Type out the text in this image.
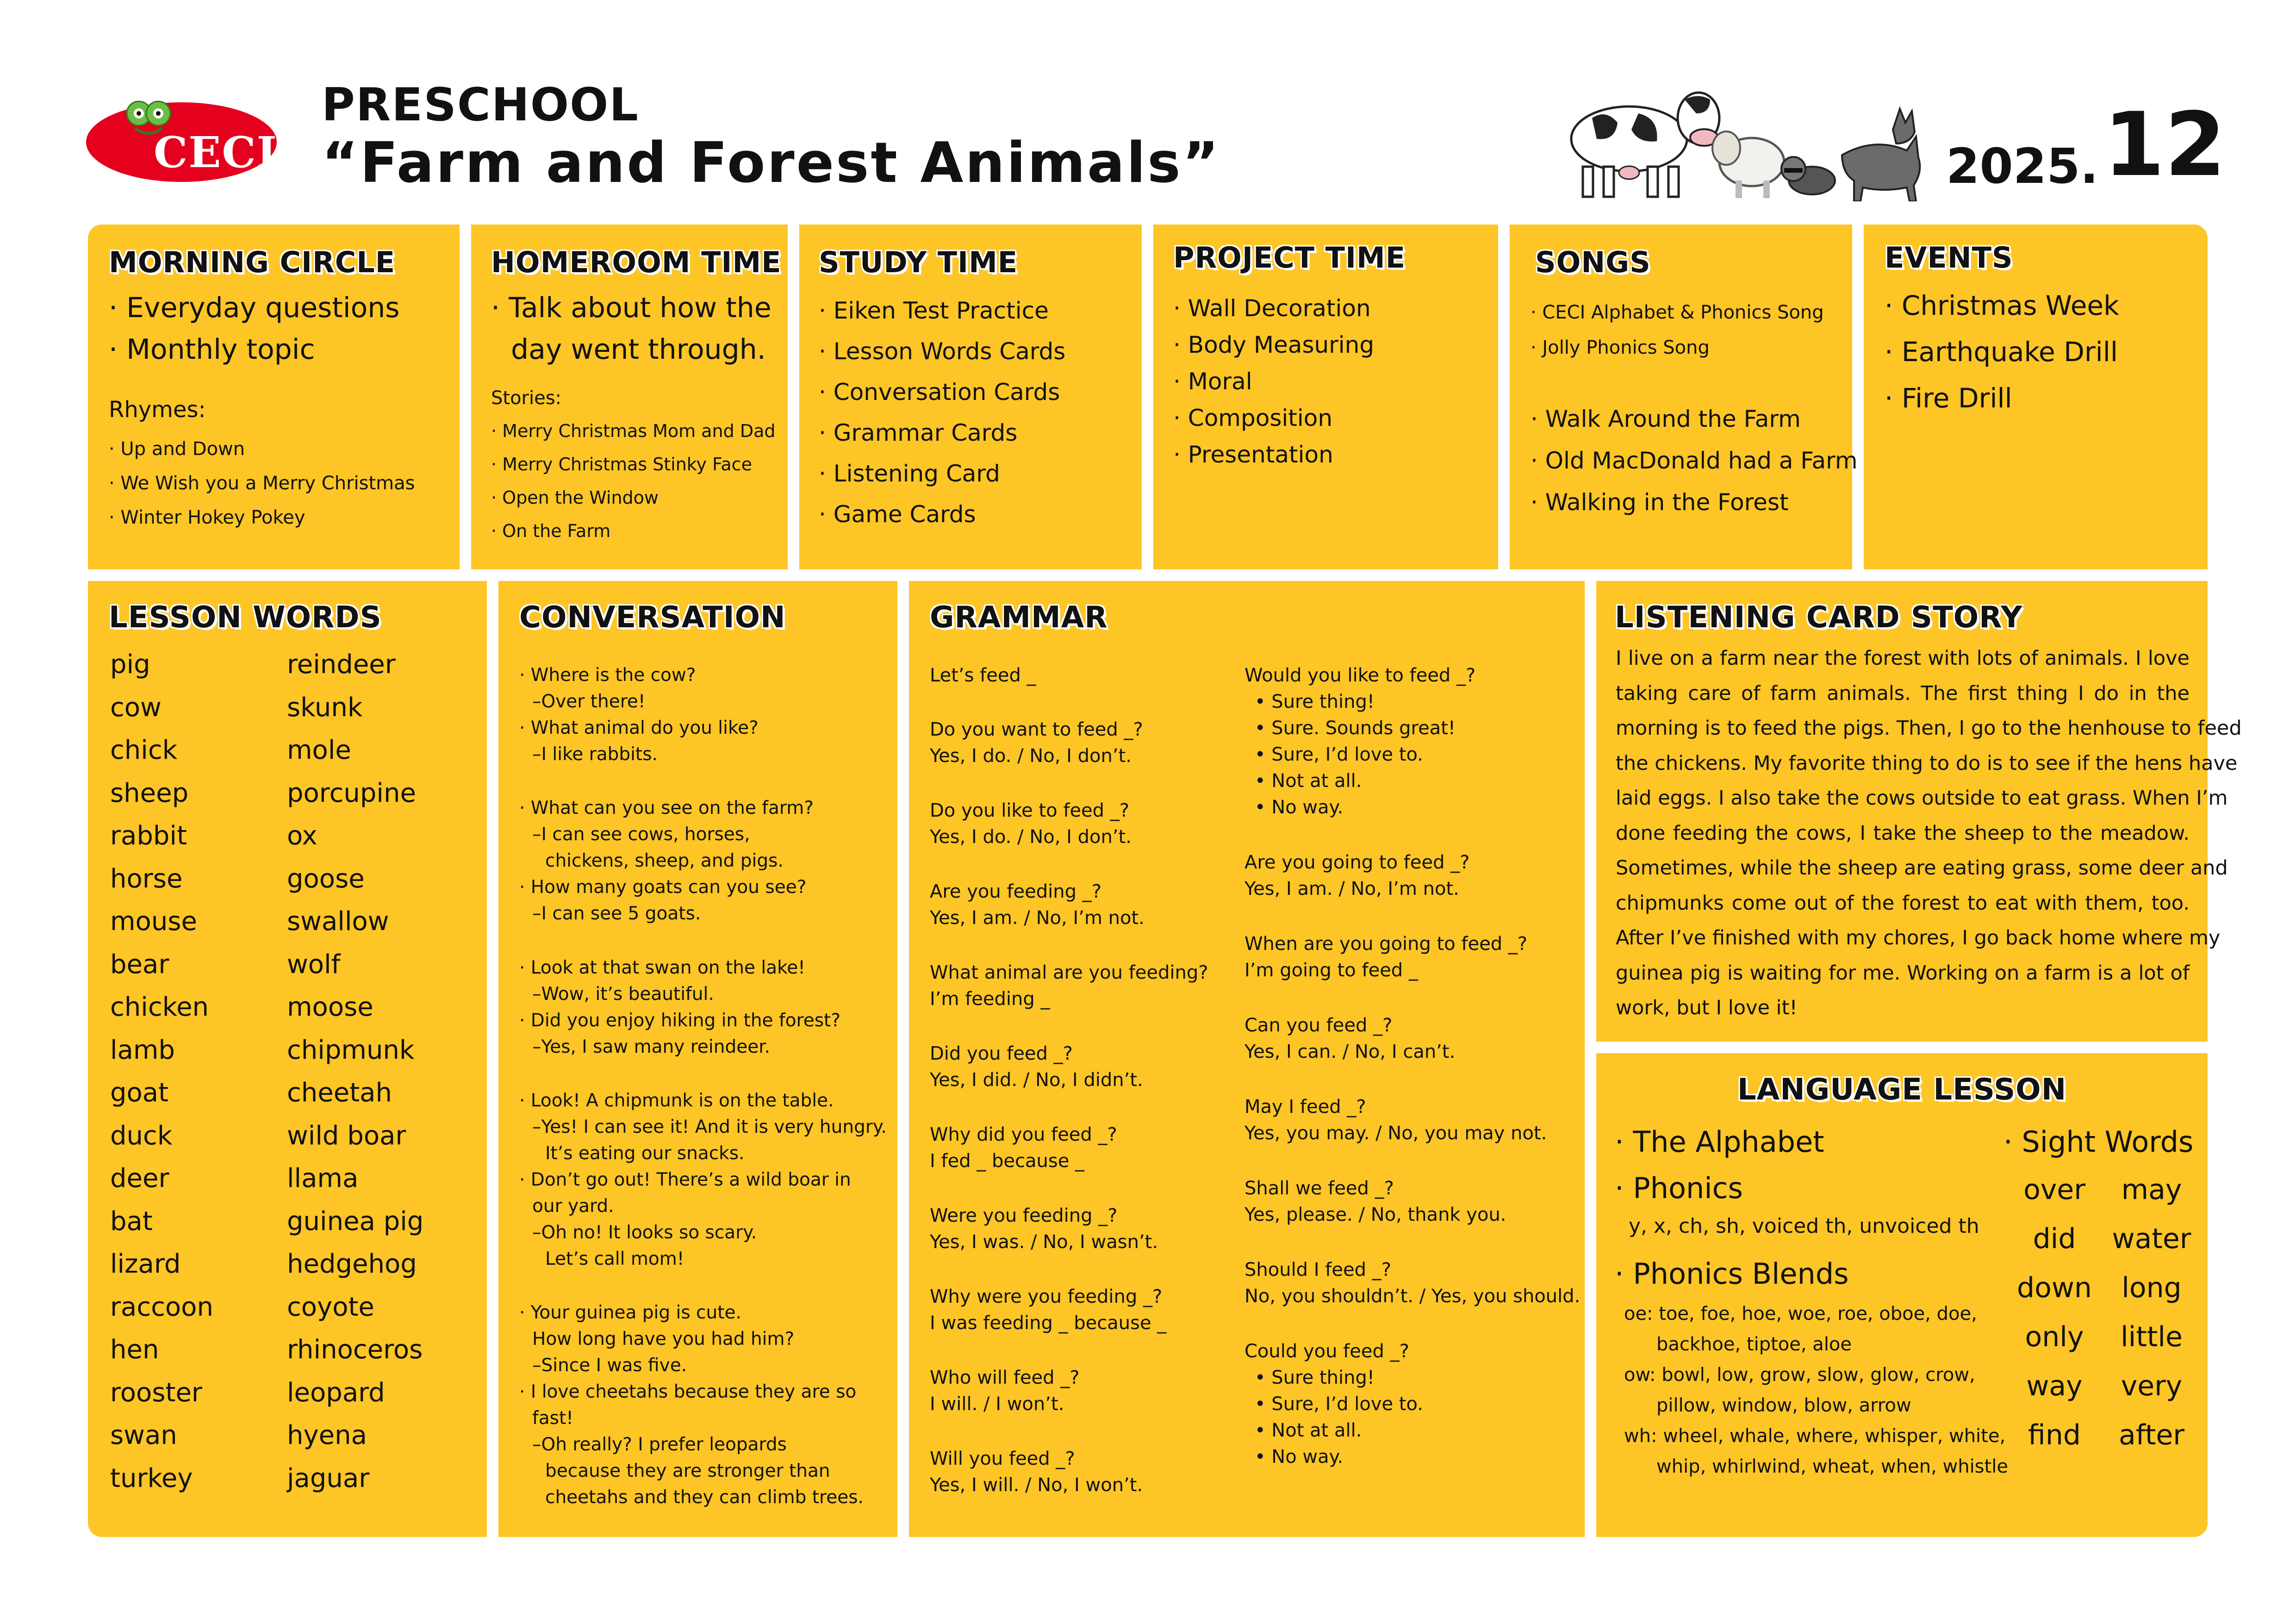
CECI
PRESCHOOL
“Farm and Forest Animals”	2025. 12
MORNING CIRCLE
· Everyday questions
· Monthly topic
Rhymes:
· Up and Down
· We Wish you a Merry Christmas
· Winter Hokey Pokey
HOMEROOM TIME
· Talk about how the
day went through.
Stories:
· Merry Christmas Mom and Dad
· Merry Christmas Stinky Face
· Open the Window
· On the Farm
STUDY TIME
· Eiken Test Practice
· Lesson Words Cards
· Conversation Cards
· Grammar Cards
· Listening Card
· Game Cards
PROJECT TIME
· Wall Decoration
· Body Measuring
· Moral
· Composition
· Presentation
SONGS
· CECI Alphabet & Phonics Song
· Jolly Phonics Song
· Walk Around the Farm
· Old MacDonald had a Farm
· Walking in the Forest
EVENTS
· Christmas Week
· Earthquake Drill
· Fire Drill
LESSON WORDS
pig
cow
chick
sheep
rabbit
horse
mouse
bear
chicken
lamb
goat
duck
deer
bat
lizard
raccoon
hen
rooster
swan
turkey
reindeer
skunk
mole
porcupine
ox
goose
swallow
wolf
moose
chipmunk
cheetah
wild boar
llama
guinea pig
hedgehog
coyote
rhinoceros
leopard
hyena
jaguar
CONVERSATION
· Where is the cow?
–Over there!
· What animal do you like?
–I like rabbits.
· What can you see on the farm?
–I can see cows, horses,
chickens, sheep, and pigs.
· How many goats can you see?
–I can see 5 goats.
· Look at that swan on the lake!
–Wow, it’s beautiful.
· Did you enjoy hiking in the forest?
–Yes, I saw many reindeer.
· Look! A chipmunk is on the table.
–Yes! I can see it! And it is very hungry.
It’s eating our snacks.
· Don’t go out! There’s a wild boar in
our yard.
–Oh no! It looks so scary.
Let’s call mom!
· Your guinea pig is cute.
How long have you had him?
–Since I was five.
· I love cheetahs because they are so
fast!
–Oh really? I prefer leopards
because they are stronger than
cheetahs and they can climb trees.
GRAMMAR
Let’s feed _
Do you want to feed _?
Yes, I do. / No, I don’t.
Do you like to feed _?
Yes, I do. / No, I don’t.
Are you feeding _?
Yes, I am. / No, I’m not.
What animal are you feeding?
I’m feeding _
Did you feed _?
Yes, I did. / No, I didn’t.
Why did you feed _?
I fed _ because _
Were you feeding _?
Yes, I was. / No, I wasn’t.
Why were you feeding _?
I was feeding _ because _
Who will feed _?
I will. / I won’t.
Will you feed _?
Yes, I will. / No, I won’t.
Would you like to feed _?
• Sure thing!
• Sure. Sounds great!
• Sure, I’d love to.
• Not at all.
• No way.
Are you going to feed _?
Yes, I am. / No, I’m not.
When are you going to feed _?
I’m going to feed _
Can you feed _?
Yes, I can. / No, I can’t.
May I feed _?
Yes, you may. / No, you may not.
Shall we feed _?
Yes, please. / No, thank you.
Should I feed _?
No, you shouldn’t. / Yes, you should.
Could you feed _?
• Sure thing!
• Sure, I’d love to.
• Not at all.
• No way.
LISTENING CARD STORY
I live on a farm near the forest with lots of animals. I love
taking care of farm animals. The first thing I do in the
morning is to feed the pigs. Then, I go to the henhouse to feed
the chickens. My favorite thing to do is to see if the hens have
laid eggs. I also take the cows outside to eat grass. When I’m
done feeding the cows, I take the sheep to the meadow.
Sometimes, while the sheep are eating grass, some deer and
chipmunks come out of the forest to eat with them, too.
After I’ve finished with my chores, I go back home where my
guinea pig is waiting for me. Working on a farm is a lot of
work, but I love it!
LANGUAGE LESSON
· The Alphabet
· Phonics
y, x, ch, sh, voiced th, unvoiced th
· Phonics Blends
oe: toe, foe, hoe, woe, roe, oboe, doe,
backhoe, tiptoe, aloe
ow: bowl, low, grow, slow, glow, crow,
pillow, window, blow, arrow
wh: wheel, whale, where, whisper, white,
whip, whirlwind, wheat, when, whistle
· Sight Words
over
did
down
only
way
find
may
water
long
little
very
after
